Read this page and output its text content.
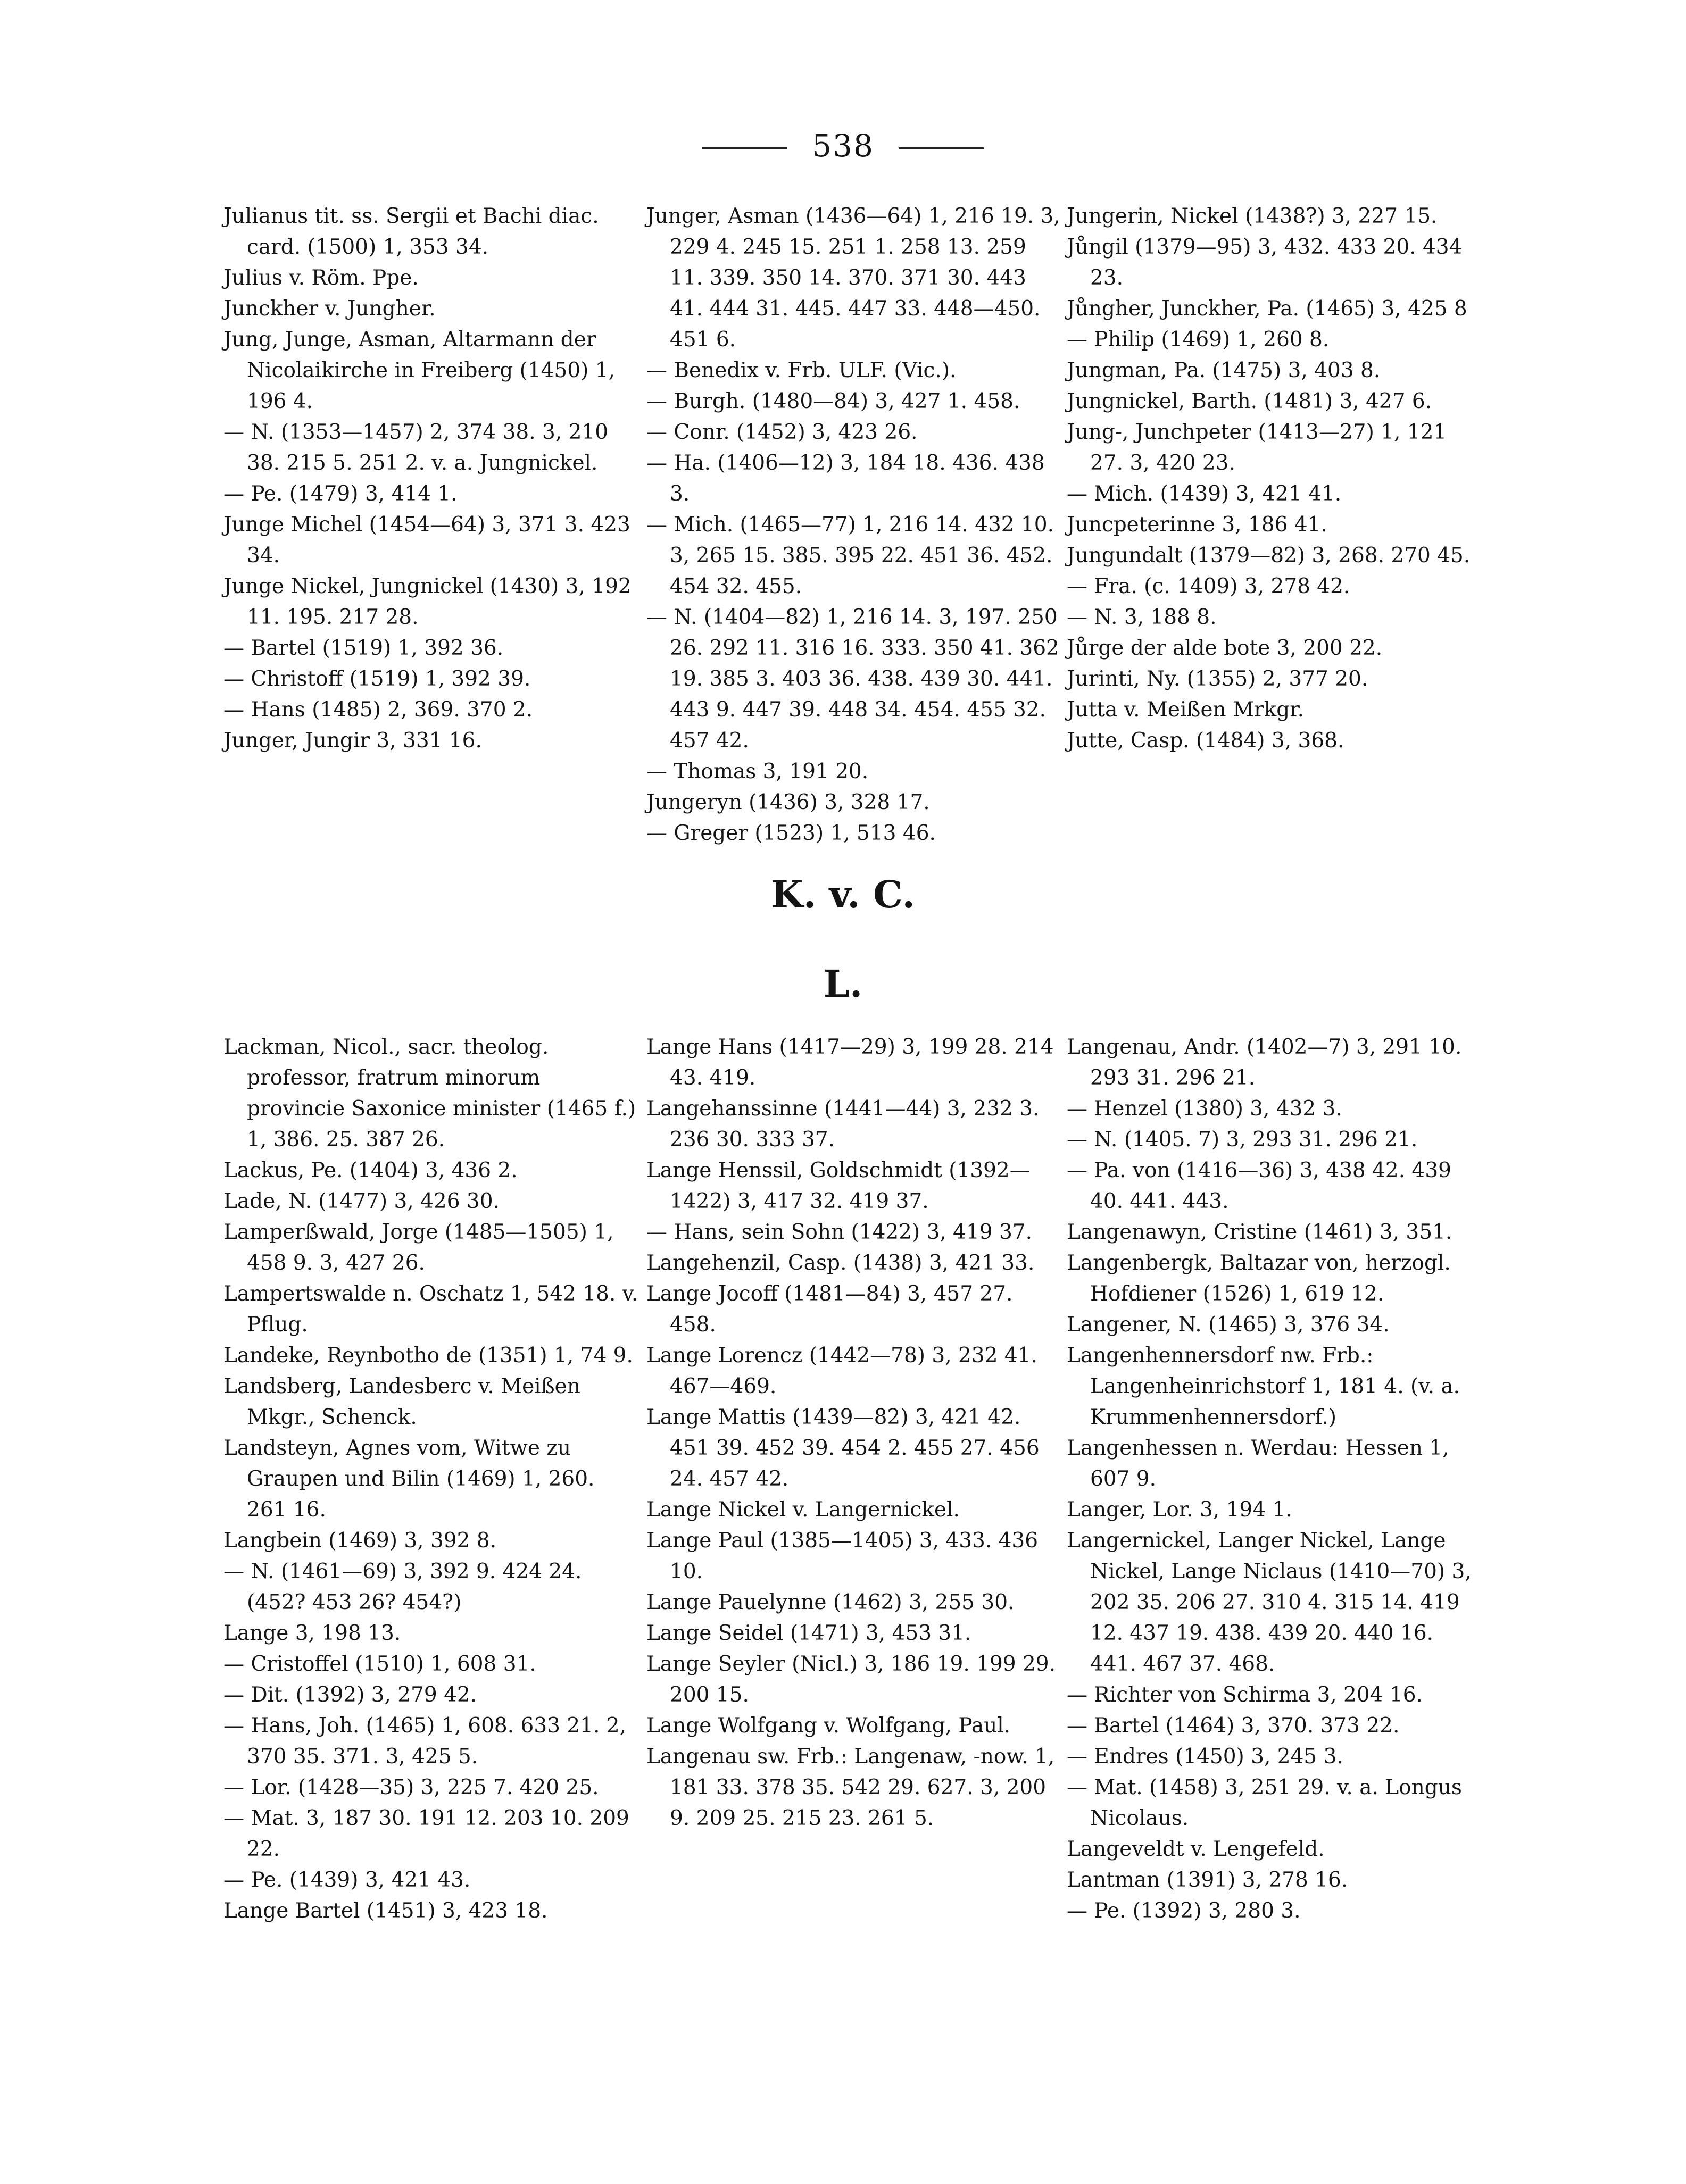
538
Julianus tit. ss. Sergii et Bachi diac. card. (1500) 1, 353 34.
Julius v. Röm. Ppe.
Junckher v. Jungher.
Jung, Junge, Asman, Altarmann der Nicolaikirche in Freiberg (1450) 1, 196 4.
— N. (1353—1457) 2, 374 38. 3, 210 38. 215 5. 251 2. v. a. Jungnickel.
— Pe. (1479) 3, 414 1.
Junge Michel (1454—64) 3, 371 3. 423 34.
Junge Nickel, Jungnickel (1430) 3, 192 11. 195. 217 28.
— Bartel (1519) 1, 392 36.
— Christoff (1519) 1, 392 39.
— Hans (1485) 2, 369. 370 2.
Junger, Jungir 3, 331 16.
Junger, Asman (1436—64) 1, 216 19. 3, 229 4. 245 15. 251 1. 258 13. 259 11. 339. 350 14. 370. 371 30. 443 41. 444 31. 445. 447 33. 448—450. 451 6.
— Benedix v. Frb. ULF. (Vic.).
— Burgh. (1480—84) 3, 427 1. 458.
— Conr. (1452) 3, 423 26.
— Ha. (1406—12) 3, 184 18. 436. 438 3.
— Mich. (1465—77) 1, 216 14. 432 10. 3, 265 15. 385. 395 22. 451 36. 452. 454 32. 455.
— N. (1404—82) 1, 216 14. 3, 197. 250 26. 292 11. 316 16. 333. 350 41. 362 19. 385 3. 403 36. 438. 439 30. 441. 443 9. 447 39. 448 34. 454. 455 32. 457 42.
— Thomas 3, 191 20.
Jungeryn (1436) 3, 328 17.
— Greger (1523) 1, 513 46.
Jungerin, Nickel (1438?) 3, 227 15.
Jůngil (1379—95) 3, 432. 433 20. 434 23.
Jůngher, Junckher, Pa. (1465) 3, 425 8
— Philip (1469) 1, 260 8.
Jungman, Pa. (1475) 3, 403 8.
Jungnickel, Barth. (1481) 3, 427 6.
Jung-, Junchpeter (1413—27) 1, 121 27. 3, 420 23.
— Mich. (1439) 3, 421 41.
Juncpeterinne 3, 186 41.
Jungundalt (1379—82) 3, 268. 270 45.
— Fra. (c. 1409) 3, 278 42.
— N. 3, 188 8.
Jůrge der alde bote 3, 200 22.
Jurinti, Ny. (1355) 2, 377 20.
Jutta v. Meißen Mrkgr.
Jutte, Casp. (1484) 3, 368.
K. v. C.
L.
Lackman, Nicol., sacr. theolog. professor, fratrum minorum provincie Saxonice minister (1465 f.) 1, 386. 25. 387 26.
Lackus, Pe. (1404) 3, 436 2.
Lade, N. (1477) 3, 426 30.
Lamperßwald, Jorge (1485—1505) 1, 458 9. 3, 427 26.
Lampertswalde n. Oschatz 1, 542 18. v. Pflug.
Landeke, Reynbotho de (1351) 1, 74 9.
Landsberg, Landesberc v. Meißen Mkgr., Schenck.
Landsteyn, Agnes vom, Witwe zu Graupen und Bilin (1469) 1, 260. 261 16.
Langbein (1469) 3, 392 8.
— N. (1461—69) 3, 392 9. 424 24. (452? 453 26? 454?)
Lange 3, 198 13.
— Cristoffel (1510) 1, 608 31.
— Dit. (1392) 3, 279 42.
— Hans, Joh. (1465) 1, 608. 633 21. 2, 370 35. 371. 3, 425 5.
— Lor. (1428—35) 3, 225 7. 420 25.
— Mat. 3, 187 30. 191 12. 203 10. 209 22.
— Pe. (1439) 3, 421 43.
Lange Bartel (1451) 3, 423 18.
Lange Hans (1417—29) 3, 199 28. 214 43. 419.
Langehanssinne (1441—44) 3, 232 3. 236 30. 333 37.
Lange Henssil, Goldschmidt (1392—1422) 3, 417 32. 419 37.
— Hans, sein Sohn (1422) 3, 419 37.
Langehenzil, Casp. (1438) 3, 421 33.
Lange Jocoff (1481—84) 3, 457 27. 458.
Lange Lorencz (1442—78) 3, 232 41. 467—469.
Lange Mattis (1439—82) 3, 421 42. 451 39. 452 39. 454 2. 455 27. 456 24. 457 42.
Lange Nickel v. Langernickel.
Lange Paul (1385—1405) 3, 433. 436 10.
Lange Pauelynne (1462) 3, 255 30.
Lange Seidel (1471) 3, 453 31.
Lange Seyler (Nicl.) 3, 186 19. 199 29. 200 15.
Lange Wolfgang v. Wolfgang, Paul.
Langenau sw. Frb.: Langenaw, -now. 1, 181 33. 378 35. 542 29. 627. 3, 200 9. 209 25. 215 23. 261 5.
Langenau, Andr. (1402—7) 3, 291 10. 293 31. 296 21.
— Henzel (1380) 3, 432 3.
— N. (1405. 7) 3, 293 31. 296 21.
— Pa. von (1416—36) 3, 438 42. 439 40. 441. 443.
Langenawyn, Cristine (1461) 3, 351.
Langenbergk, Baltazar von, herzogl. Hofdiener (1526) 1, 619 12.
Langener, N. (1465) 3, 376 34.
Langenhennersdorf nw. Frb.: Langenheinrichstorf 1, 181 4. (v. a. Krummenhennersdorf.)
Langenhessen n. Werdau: Hessen 1, 607 9.
Langer, Lor. 3, 194 1.
Langernickel, Langer Nickel, Lange Nickel, Lange Niclaus (1410—70) 3, 202 35. 206 27. 310 4. 315 14. 419 12. 437 19. 438. 439 20. 440 16. 441. 467 37. 468.
— Richter von Schirma 3, 204 16.
— Bartel (1464) 3, 370. 373 22.
— Endres (1450) 3, 245 3.
— Mat. (1458) 3, 251 29. v. a. Longus Nicolaus.
Langeveldt v. Lengefeld.
Lantman (1391) 3, 278 16.
— Pe. (1392) 3, 280 3.
